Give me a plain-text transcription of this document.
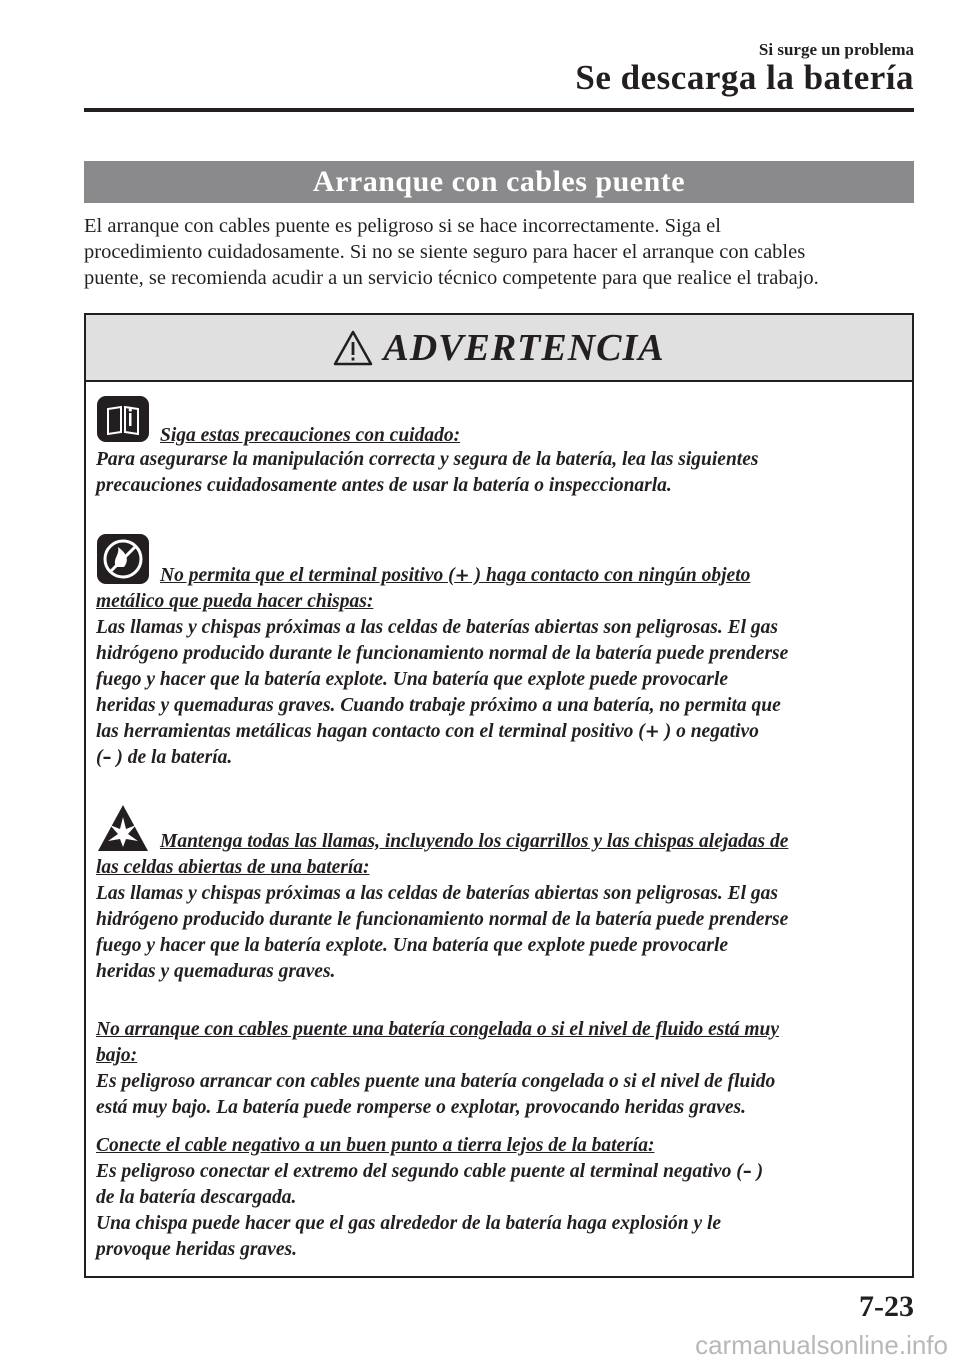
Si surge un problema
Se descarga la batería
Arranque con cables puente
El arranque con cables puente es peligroso si se hace incorrectamente. Siga el
procedimiento cuidadosamente. Si no se siente seguro para hacer el arranque con cables
puente, se recomienda acudir a un servicio técnico competente para que realice el trabajo.
ADVERTENCIA
Siga estas precauciones con cuidado:
Para asegurarse la manipulación correcta y segura de la batería, lea las siguientes
precauciones cuidadosamente antes de usar la batería o inspeccionarla.
No permita que el terminal positivo (+ ) haga contacto con ningún objeto
metálico que pueda hacer chispas:
Las llamas y chispas próximas a las celdas de baterías abiertas son peligrosas. El gas
hidrógeno producido durante le funcionamiento normal de la batería puede prenderse
fuego y hacer que la batería explote. Una batería que explote puede provocarle
heridas y quemaduras graves. Cuando trabaje próximo a una batería, no permita que
las herramientas metálicas hagan contacto con el terminal positivo (+ ) o negativo
(– ) de la batería.
Mantenga todas las llamas, incluyendo los cigarrillos y las chispas alejadas de
las celdas abiertas de una batería:
Las llamas y chispas próximas a las celdas de baterías abiertas son peligrosas. El gas
hidrógeno producido durante le funcionamiento normal de la batería puede prenderse
fuego y hacer que la batería explote. Una batería que explote puede provocarle
heridas y quemaduras graves.
No arranque con cables puente una batería congelada o si el nivel de fluido está muy
bajo:
Es peligroso arrancar con cables puente una batería congelada o si el nivel de fluido
está muy bajo. La batería puede romperse o explotar, provocando heridas graves.
Conecte el cable negativo a un buen punto a tierra lejos de la batería:
Es peligroso conectar el extremo del segundo cable puente al terminal negativo (– )
de la batería descargada.
Una chispa puede hacer que el gas alrededor de la batería haga explosión y le
provoque heridas graves.
7-23
carmanualsonline.info
